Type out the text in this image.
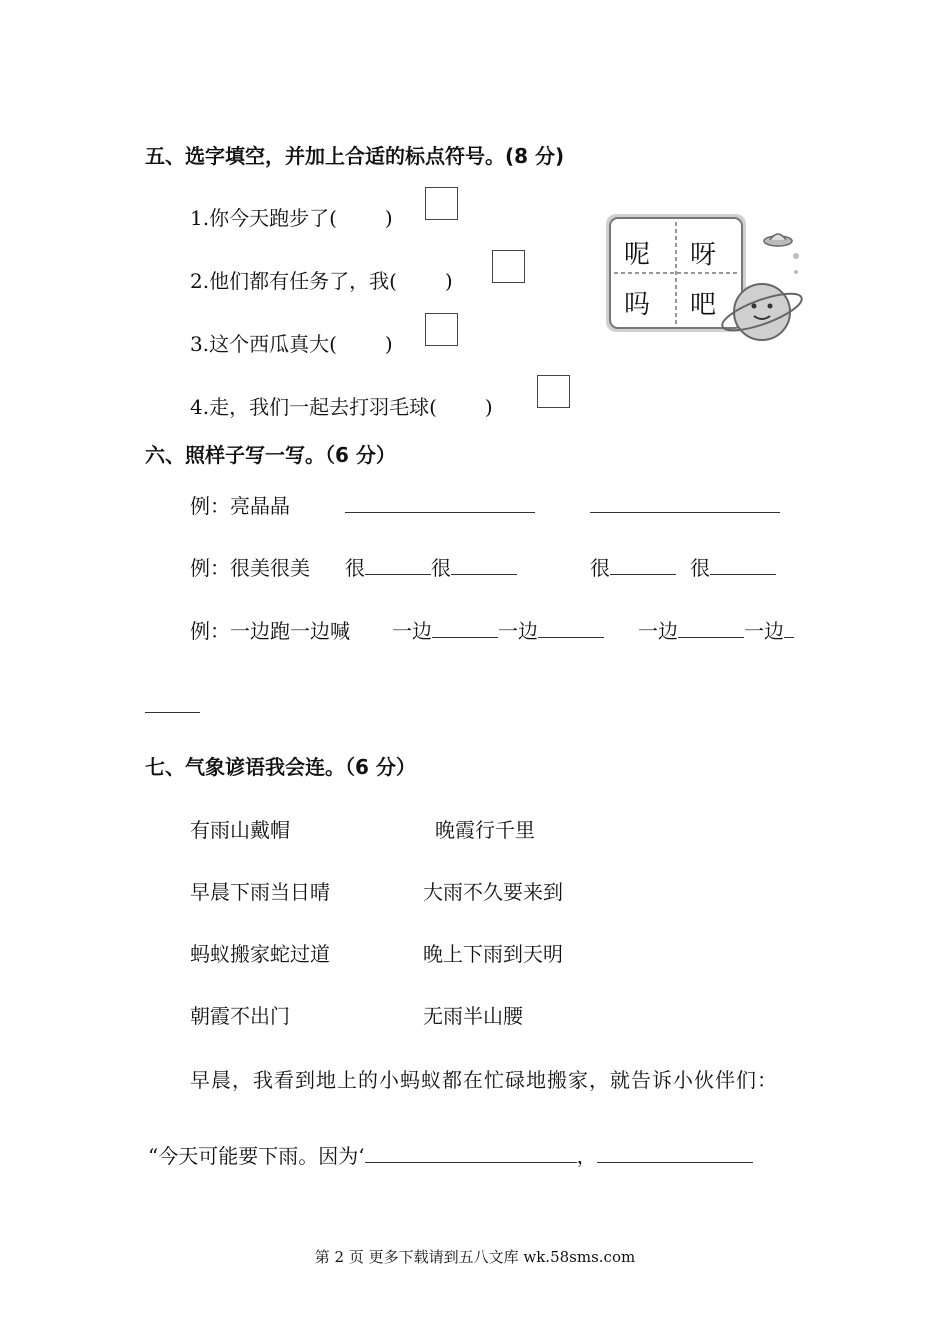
五、选字填空，并加上合适的标点符号。(8 分)
1.你今天跑步了( )
2.他们都有任务了，我( )
3.这个西瓜真大( )
4.走，我们一起去打羽毛球( )
呢 呀
吗 吧
六、照样子写一写。（6 分）
例：亮晶晶
例：很美很美 很	很	很	很
例：一边跑一边喊 一边	一边	一边	一边
七、气象谚语我会连。（6 分）
有雨山戴帽	晚霞行千里
早晨下雨当日晴	大雨不久要来到
蚂蚁搬家蛇过道	晚上下雨到天明
朝霞不出门	无雨半山腰
早晨，我看到地上的小蚂蚁都在忙碌地搬家，就告诉小伙伴们：
“今天可能要下雨。因为‘	，
第 2 页 更多下载请到五八文库 wk.58sms.com
